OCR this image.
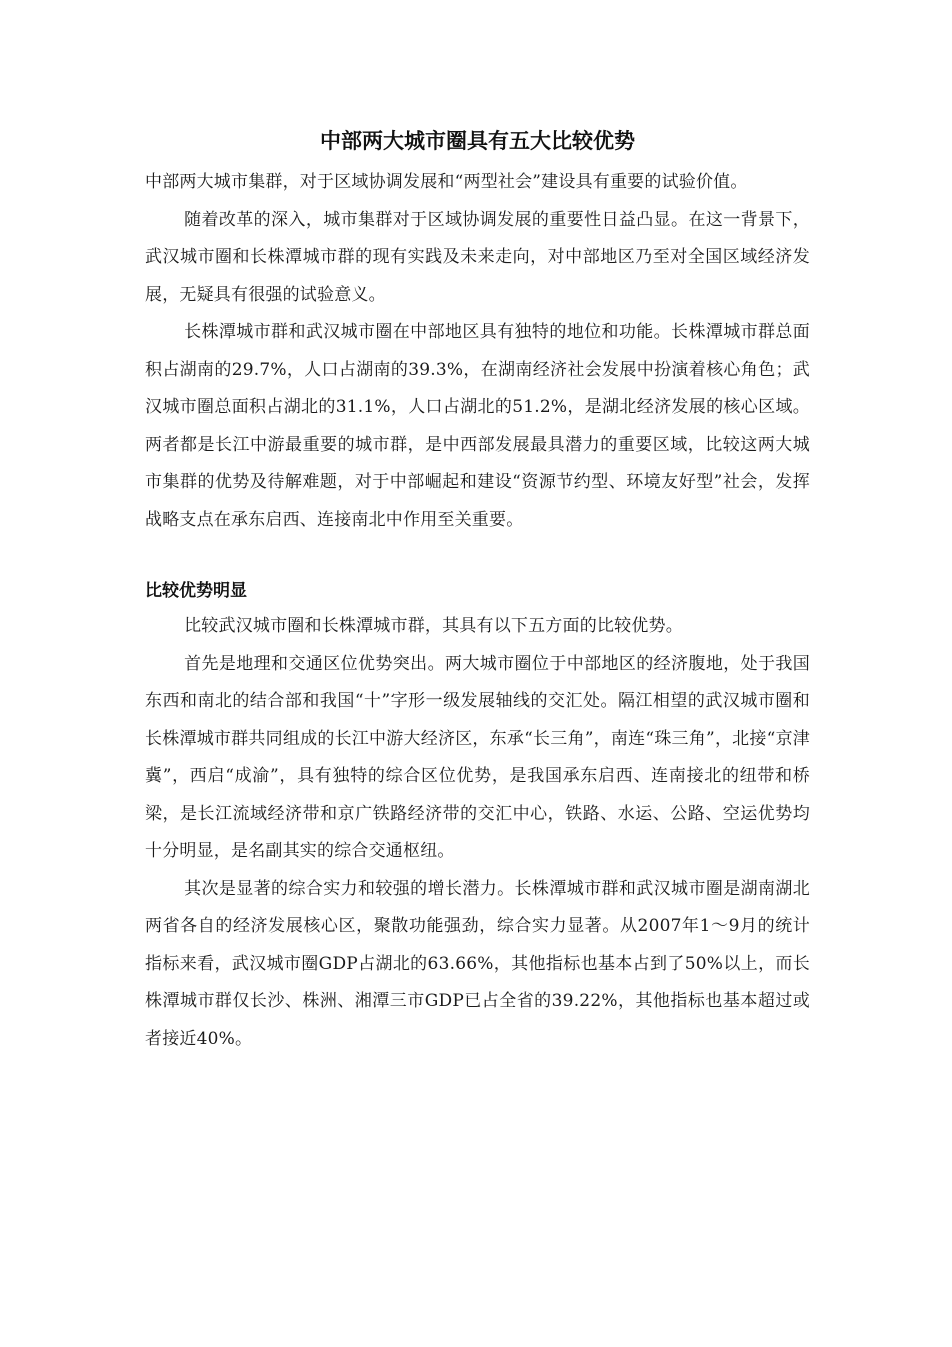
中部两大城市圈具有五大比较优势

中部两大城市集群，对于区域协调发展和“两型社会”建设具有重要的试验价值。

随着改革的深入，城市集群对于区域协调发展的重要性日益凸显。在这一背景下，武汉城市圈和长株潭城市群的现有实践及未来走向，对中部地区乃至对全国区域经济发展，无疑具有很强的试验意义。

长株潭城市群和武汉城市圈在中部地区具有独特的地位和功能。长株潭城市群总面积占湖南的29.7%，人口占湖南的39.3%，在湖南经济社会发展中扮演着核心角色；武汉城市圈总面积占湖北的31.1%，人口占湖北的51.2%，是湖北经济发展的核心区域。两者都是长江中游最重要的城市群，是中西部发展最具潜力的重要区域，比较这两大城市集群的优势及待解难题，对于中部崛起和建设“资源节约型、环境友好型”社会，发挥战略支点在承东启西、连接南北中作用至关重要。

比较优势明显

比较武汉城市圈和长株潭城市群，其具有以下五方面的比较优势。

首先是地理和交通区位优势突出。两大城市圈位于中部地区的经济腹地，处于我国东西和南北的结合部和我国“十”字形一级发展轴线的交汇处。隔江相望的武汉城市圈和长株潭城市群共同组成的长江中游大经济区，东承“长三角”，南连“珠三角”，北接“京津冀”，西启“成渝”，具有独特的综合区位优势，是我国承东启西、连南接北的纽带和桥梁，是长江流域经济带和京广铁路经济带的交汇中心，铁路、水运、公路、空运优势均十分明显，是名副其实的综合交通枢纽。

其次是显著的综合实力和较强的增长潜力。长株潭城市群和武汉城市圈是湖南湖北两省各自的经济发展核心区，聚散功能强劲，综合实力显著。从2007年1～9月的统计指标来看，武汉城市圈GDP占湖北的63.66%，其他指标也基本占到了50%以上，而长株潭城市群仅长沙、株洲、湘潭三市GDP已占全省的39.22%，其他指标也基本超过或者接近40%。
